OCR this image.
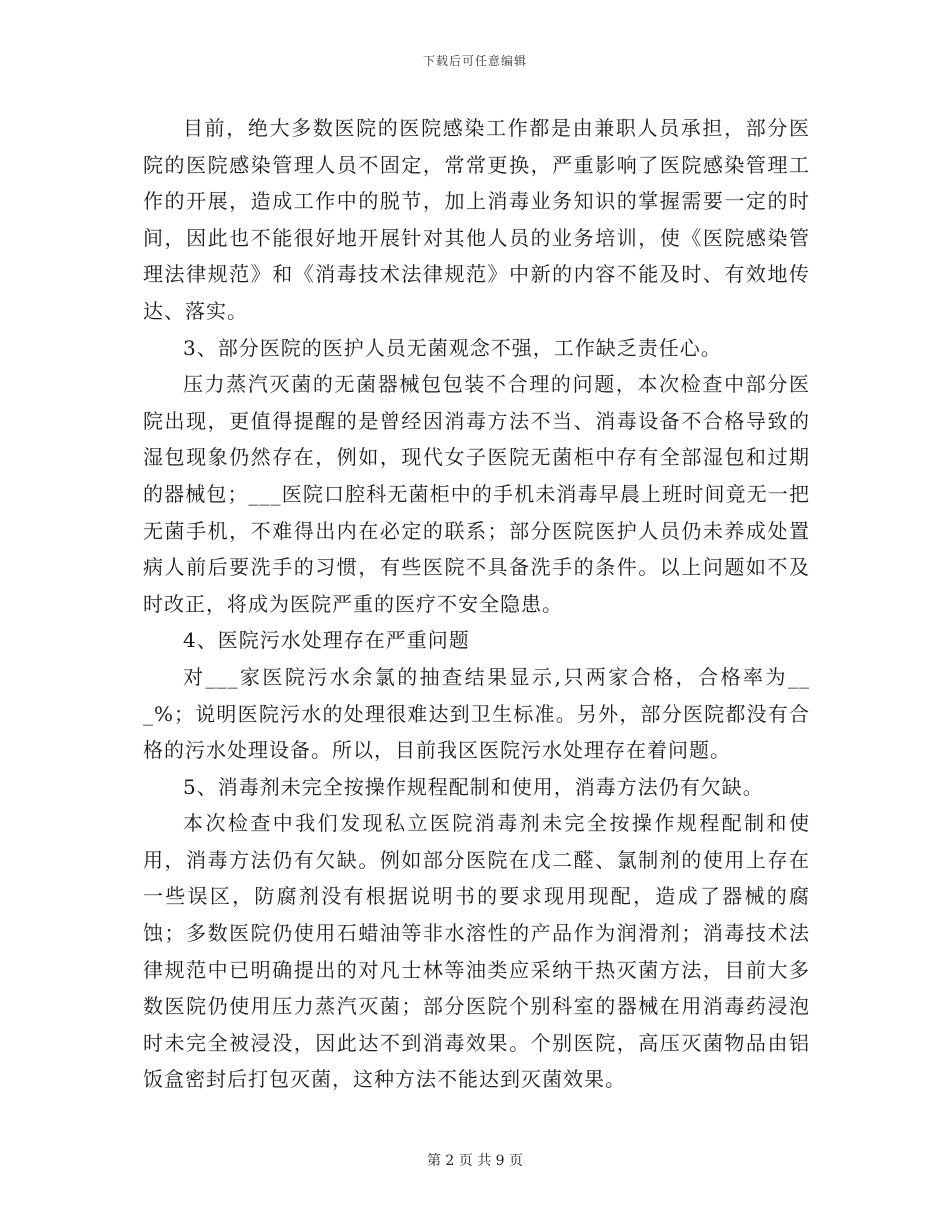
下载后可任意编辑

目前，绝大多数医院的医院感染工作都是由兼职人员承担，部分医院的医院感染管理人员不固定，常常更换，严重影响了医院感染管理工作的开展，造成工作中的脱节，加上消毒业务知识的掌握需要一定的时间，因此也不能很好地开展针对其他人员的业务培训，使《医院感染管理法律规范》和《消毒技术法律规范》中新的内容不能及时、有效地传达、落实。

3、部分医院的医护人员无菌观念不强，工作缺乏责任心。

压力蒸汽灭菌的无菌器械包包装不合理的问题，本次检查中部分医院出现，更值得提醒的是曾经因消毒方法不当、消毒设备不合格导致的湿包现象仍然存在，例如，现代女子医院无菌柜中存有全部湿包和过期的器械包；___医院口腔科无菌柜中的手机未消毒早晨上班时间竟无一把无菌手机，不难得出内在必定的联系；部分医院医护人员仍未养成处置病人前后要洗手的习惯，有些医院不具备洗手的条件。以上问题如不及时改正，将成为医院严重的医疗不安全隐患。

4、医院污水处理存在严重问题

对___家医院污水余氯的抽查结果显示,只两家合格，合格率为___%；说明医院污水的处理很难达到卫生标准。另外，部分医院都没有合格的污水处理设备。所以，目前我区医院污水处理存在着问题。

5、消毒剂未完全按操作规程配制和使用，消毒方法仍有欠缺。

本次检查中我们发现私立医院消毒剂未完全按操作规程配制和使用，消毒方法仍有欠缺。例如部分医院在戊二醛、氯制剂的使用上存在一些误区，防腐剂没有根据说明书的要求现用现配，造成了器械的腐蚀；多数医院仍使用石蜡油等非水溶性的产品作为润滑剂；消毒技术法律规范中已明确提出的对凡士林等油类应采纳干热灭菌方法，目前大多数医院仍使用压力蒸汽灭菌；部分医院个别科室的器械在用消毒药浸泡时未完全被浸没，因此达不到消毒效果。个别医院，高压灭菌物品由铝饭盒密封后打包灭菌，这种方法不能达到灭菌效果。

第 2 页 共 9 页
